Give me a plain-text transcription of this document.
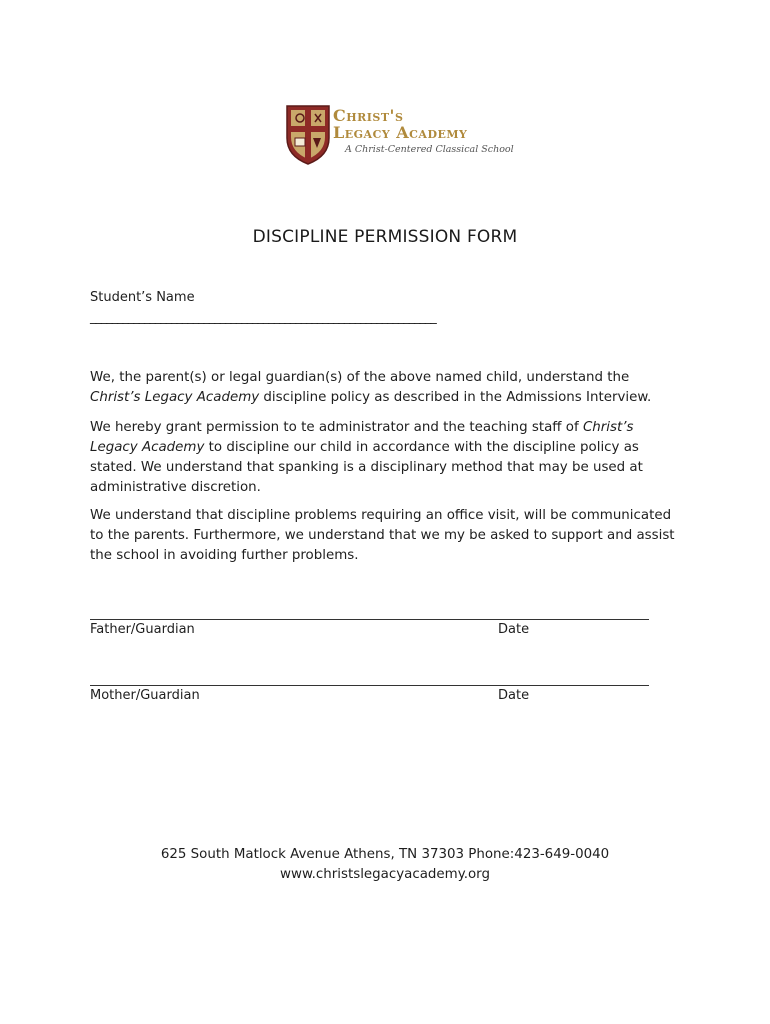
Christ's
Legacy Academy
A Christ-Centered Classical School
DISCIPLINE PERMISSION FORM
Student’s Name
________________________________________________________________
We, the parent(s) or legal guardian(s) of the above named child, understand the Christ’s Legacy Academy discipline policy as described in the Admissions Interview.
We hereby grant permission to te administrator and the teaching staff of Christ’s Legacy Academy to discipline our child in accordance with the discipline policy as stated. We understand that spanking is a disciplinary method that may be used at administrative discretion.
We understand that discipline problems requiring an office visit, will be communicated to the parents. Furthermore, we understand that we my be asked to support and assist the school in avoiding further problems.
Father/Guardian	Date
Mother/Guardian	Date
625 South Matlock Avenue Athens, TN 37303 Phone:423-649-0040
www.christslegacyacademy.org
